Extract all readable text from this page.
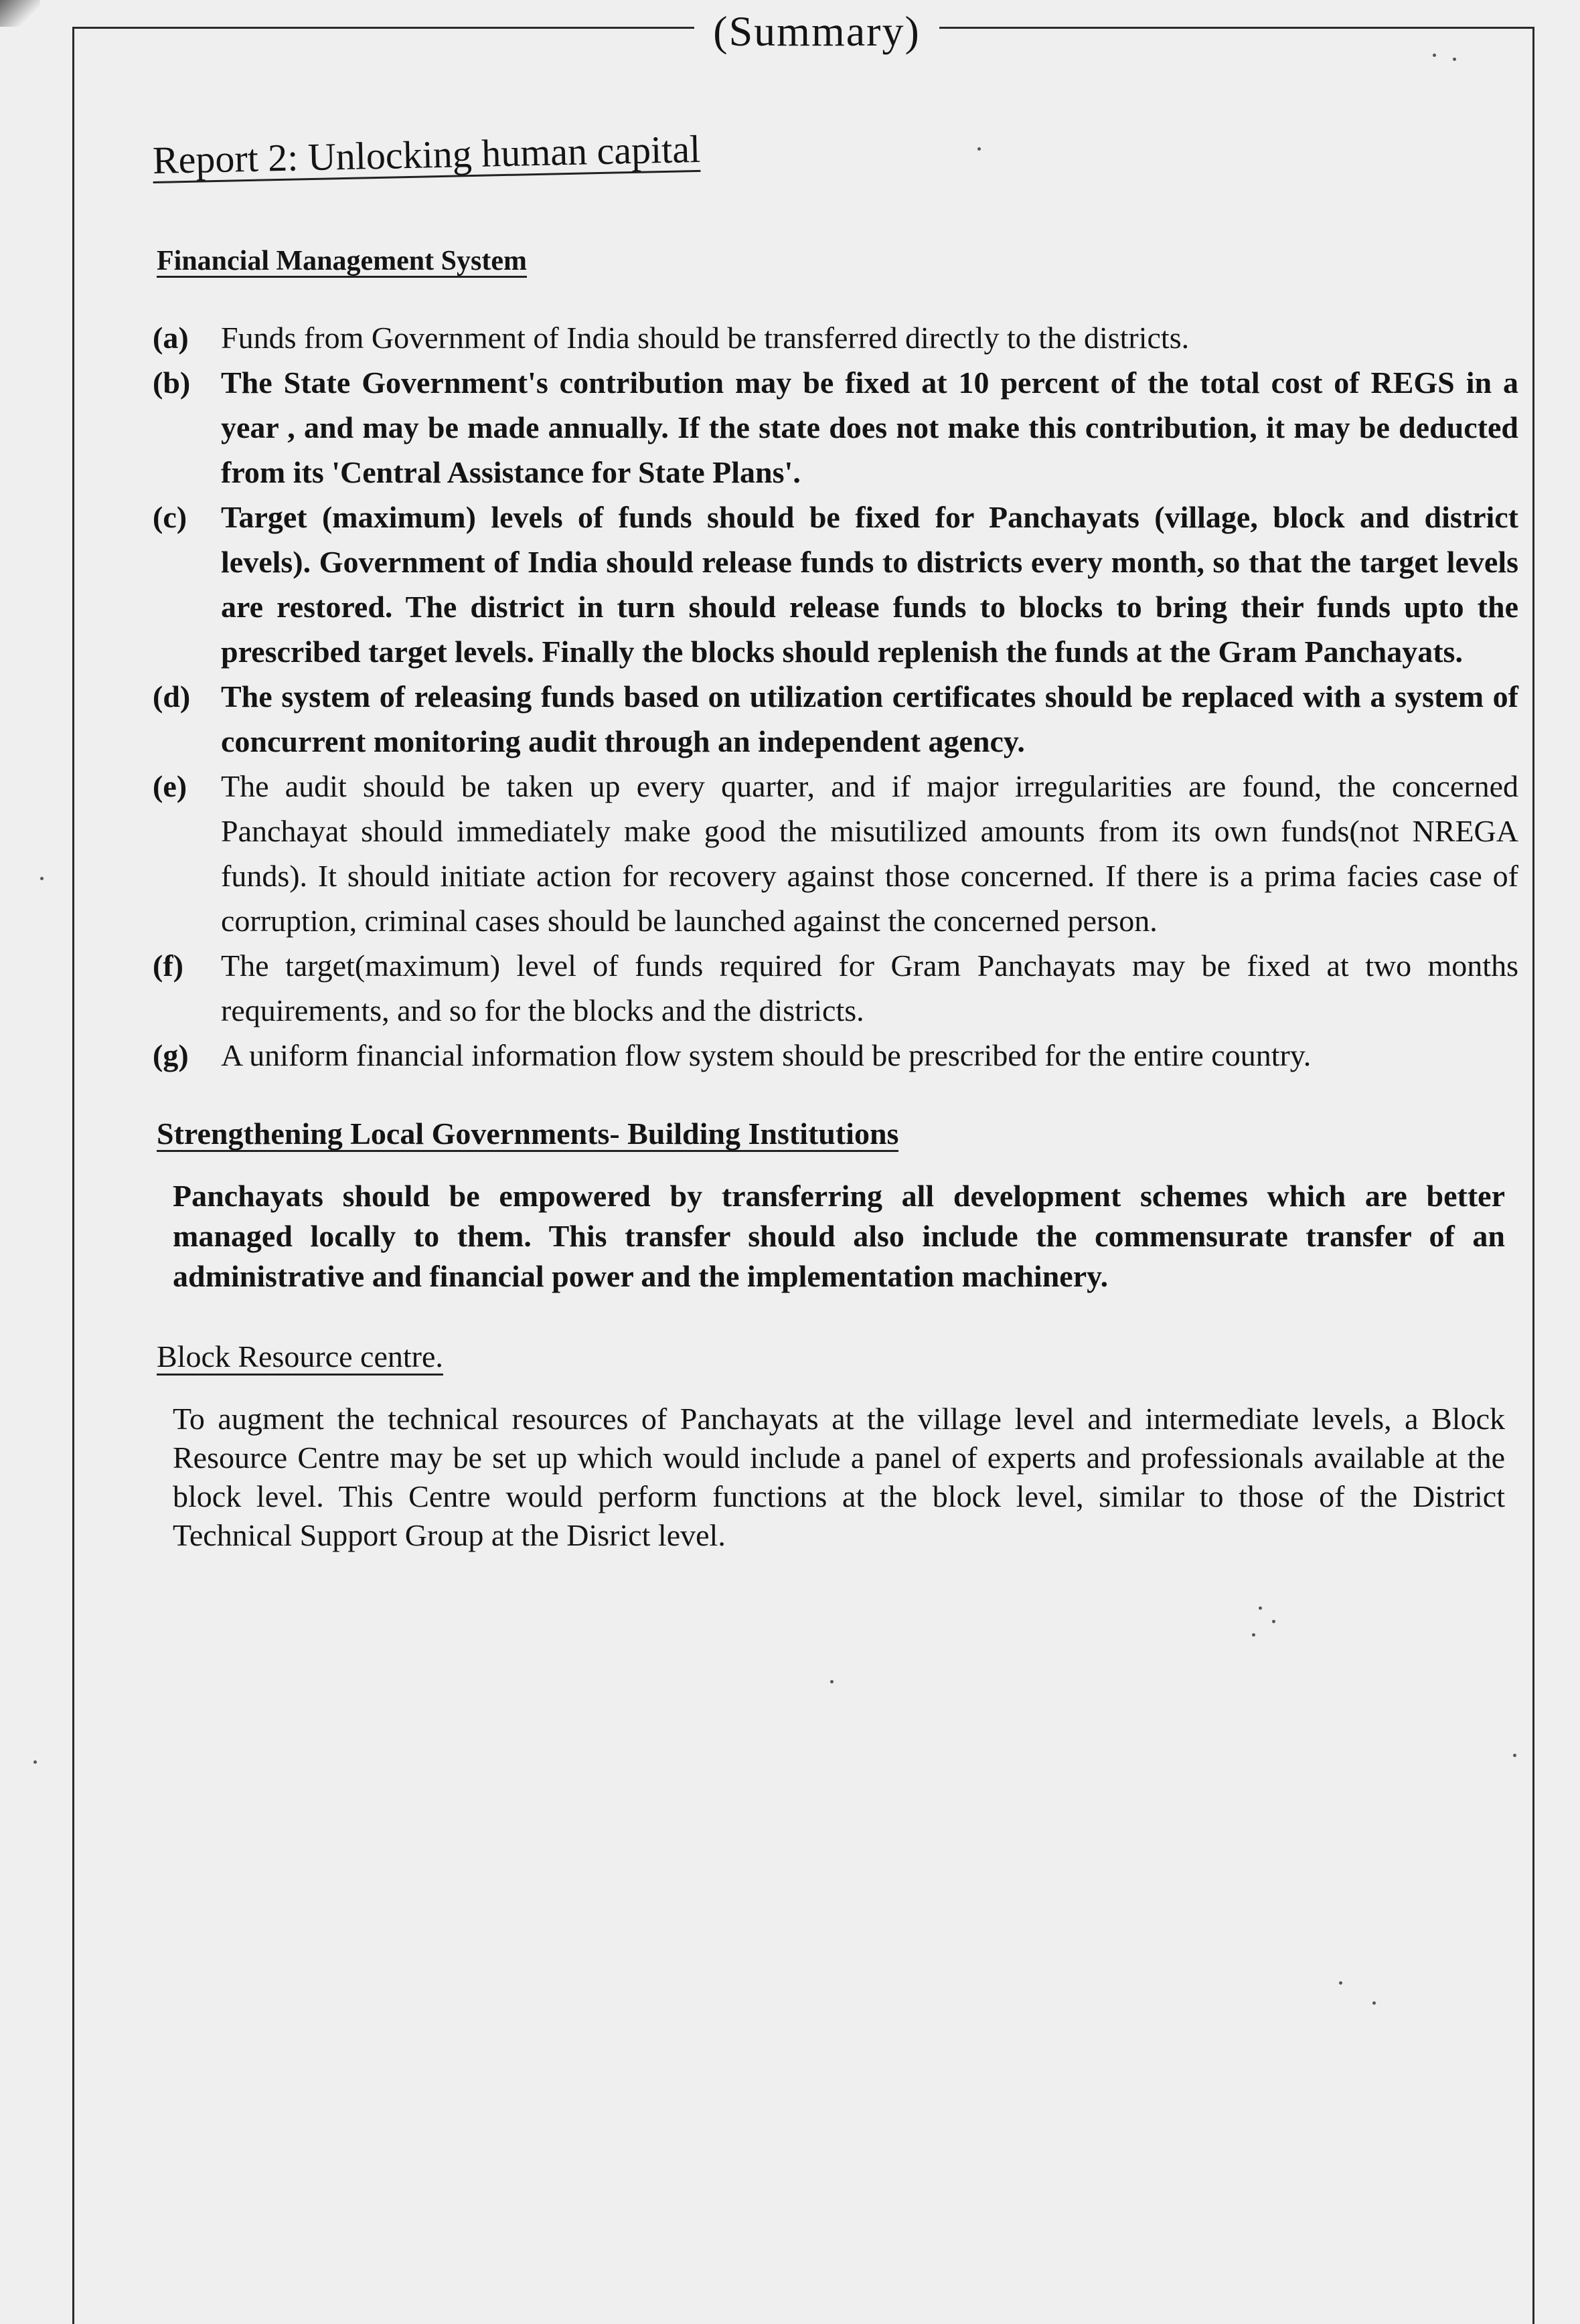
(Summary)
Report 2: Unlocking human capital
Financial Management System
(a)	Funds from Government of India should be transferred directly to the districts.
(b) The State Government's contribution may be fixed at 10 percent of the total cost of REGS in a year , and may be made annually. If the state does not make this contribution, it may be deducted from its 'Central Assistance for State Plans'.
(c)	Target (maximum) levels of funds should be fixed for Panchayats (village, block and district levels). Government of India should release funds to districts every month, so that the target levels are restored. The district in turn should release funds to blocks to bring their funds upto the prescribed target levels. Finally the blocks should replenish the funds at the Gram Panchayats.
(d) The system of releasing funds based on utilization certificates should be replaced with a system of concurrent monitoring audit through an independent agency.
(e)	The audit should be taken up every quarter, and if major irregularities are found, the concerned Panchayat should immediately make good the misutilized amounts from its own funds(not NREGA funds). It should initiate action for recovery against those concerned. If there is a prima facies case of corruption, criminal cases should be launched against the concerned person.
(f)	The target(maximum) level of funds required for Gram Panchayats may be fixed at two months requirements, and so for the blocks and the districts.
(g)	A uniform financial information flow system should be prescribed for the entire country.
Strengthening Local Governments- Building Institutions

Panchayats should be empowered by transferring all development schemes which are better managed locally to them. This transfer should also include the commensurate transfer of an administrative and financial power and the implementation machinery.

Block Resource centre.

To augment the technical resources of Panchayats at the village level and intermediate levels, a Block Resource Centre may be set up which would include a panel of experts and professionals available at the block level. This Centre would perform functions at the block level, similar to those of the District Technical Support Group at the Disrict level.
